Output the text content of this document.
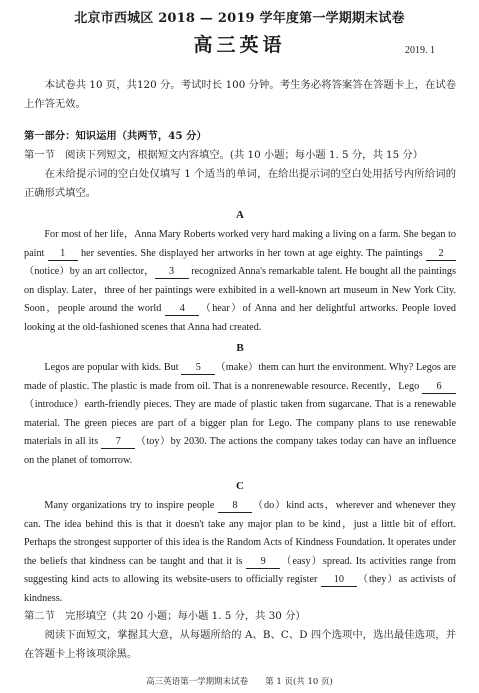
北京市西城区 2018 — 2019 学年度第一学期期末试卷

高三英语	2019. 1

本试卷共 10 页，共120 分。考试时长 100 分钟。考生务必将答案答在答题卡上，在试卷上作答无效。

第一部分：知识运用（共两节，45 分）

第一节　阅读下列短文，根据短文内容填空。(共 10 小题；每小题 1. 5 分，共 15 分）

在未给提示词的空白处仅填写 1 个适当的单词，在给出提示词的空白处用括号内所给词的正确形式填空。

A

For most of her life，Anna Mary Roberts worked very hard making a living on a farm. She began to paint 1 her seventies. She displayed her artworks in her town at age eighty. The paintings 2（notice）by an art collector， 3 recognized Anna's remarkable talent. He bought all the paintings on display. Later，three of her paintings were exhibited in a well-known art museum in New York City. Soon，people around the world 4 （hear）of Anna and her delightful artworks. People loved looking at the old-fashioned scenes that Anna had created.

B

Legos are popular with kids. But 5 （make）them can hurt the environment. Why? Legos are made of plastic. The plastic is made from oil. That is a nonrenewable resource. Recently，Lego 6（introduce）earth-friendly pieces. They are made of plastic taken from sugarcane. That is a renewable material. The green pieces are part of a bigger plan for Lego. The company plans to use renewable materials in all its 7 （toy）by 2030. The actions the company takes today can have an influence on the planet of tomorrow.

C

Many organizations try to inspire people 8 （do）kind acts，wherever and whenever they can. The idea behind this is that it doesn't take any major plan to be kind，just a little bit of effort. Perhaps the strongest supporter of this idea is the Random Acts of Kindness Foundation. It operates under the beliefs that kindness can be taught and that it is 9 （easy）spread. Its activities range from suggesting kind acts to allowing its website-users to officially register 10 （they）as activists of kindness.

第二节　完形填空（共 20 小题；每小题 1. 5 分，共 30 分）

阅读下面短文，掌握其大意，从每题所给的 A、B、C、D 四个选项中，选出最佳选项，并在答题卡上将该项涂黑。

高三英语第一学期期末试卷　　第 1 页(共 10 页)
